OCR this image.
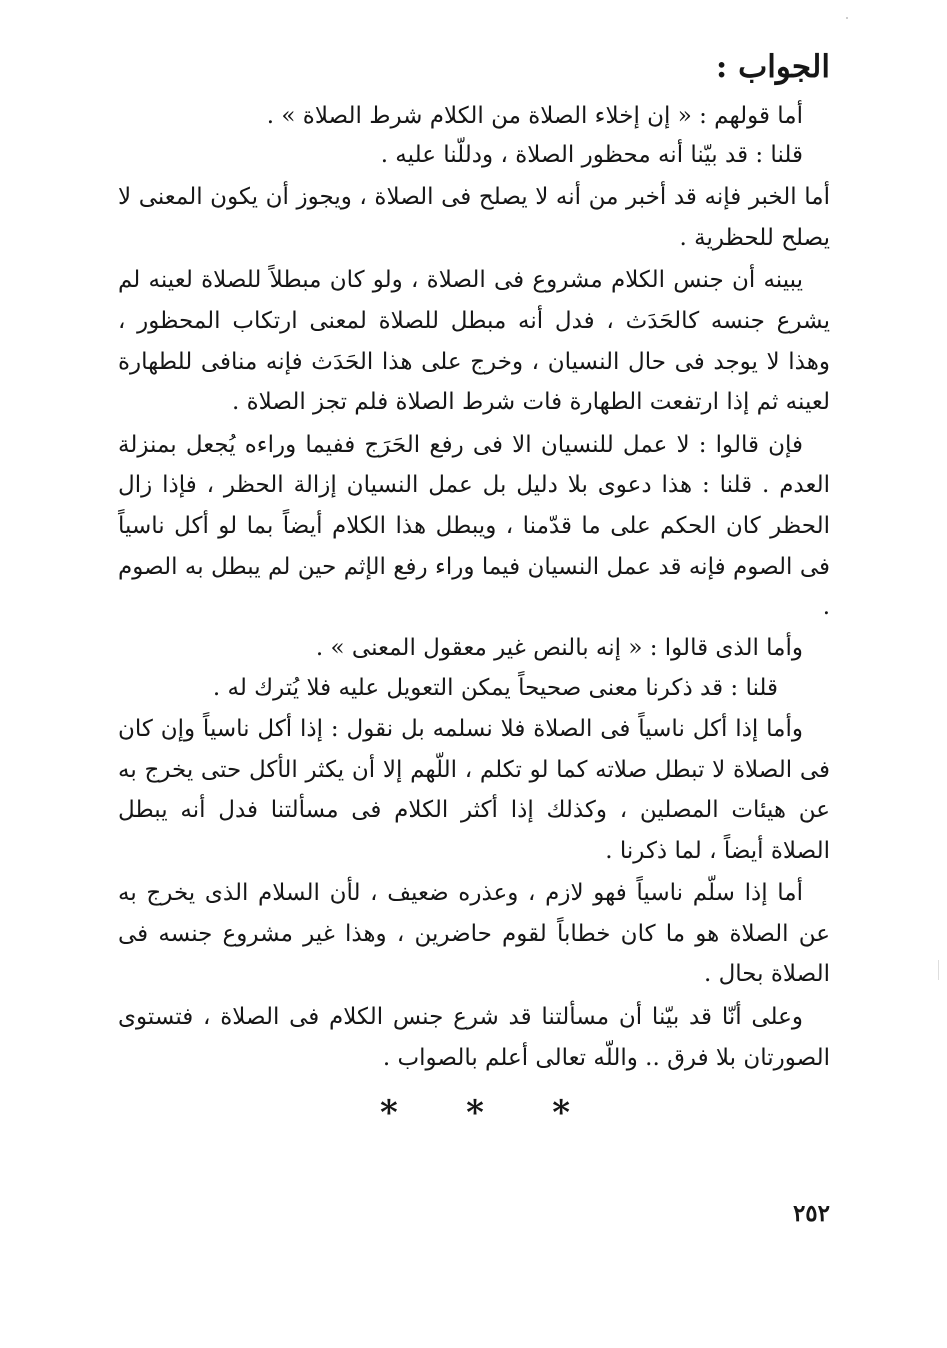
الجواب :

أما قولهم : « إن إخلاء الصلاة من الكلام شرط الصلاة » .

قلنا : قد بيّنا أنه محظور الصلاة ، ودللّنا عليه .

أما الخبر فإنه قد أخبر من أنه لا يصلح فى الصلاة ، ويجوز أن يكون المعنى لا يصلح للحظرية .

يبينه أن جنس الكلام مشروع فى الصلاة ، ولو كان مبطلاً للصلاة لعينه لم يشرع جنسه كالحَدَث ، فدل أنه مبطل للصلاة لمعنى ارتكاب المحظور ، وهذا لا يوجد فى حال النسيان ، وخرج على هذا الحَدَث فإنه منافى للطهارة لعينه ثم إذا ارتفعت الطهارة فات شرط الصلاة فلم تجز الصلاة .

فإن قالوا : لا عمل للنسيان الا فى رفع الحَرَج ففيما وراءه يُجعل بمنزلة العدم . قلنا : هذا دعوى بلا دليل بل عمل النسيان إزالة الحظر ، فإذا زال الحظر كان الحكم على ما قدّمنا ، ويبطل هذا الكلام أيضاً بما لو أكل ناسياً فى الصوم فإنه قد عمل النسيان فيما وراء رفع الإثم حين لم يبطل به الصوم .

وأما الذى قالوا : « إنه بالنص غير معقول المعنى » .

قلنا : قد ذكرنا معنى صحيحاً يمكن التعويل عليه فلا يُترك له .

وأما إذا أكل ناسياً فى الصلاة فلا نسلمه بل نقول : إذا أكل ناسياً وإن كان فى الصلاة لا تبطل صلاته كما لو تكلم ، اللّهم إلا أن يكثر الأكل حتى يخرج به عن هيئات المصلين ، وكذلك إذا أكثر الكلام فى مسألتنا فدل أنه يبطل الصلاة أيضاً ، لما ذكرنا .

أما إذا سلّم ناسياً فهو لازم ، وعذره ضعيف ، لأن السلام الذى يخرج به عن الصلاة هو ما كان خطاباً لقوم حاضرين ، وهذا غير مشروع جنسه فى الصلاة بحال .

وعلى أنّا قد بيّنا أن مسألتنا قد شرع جنس الكلام فى الصلاة ، فتستوى الصورتان بلا فرق .. واللّه تعالى أعلم بالصواب .

* * *
٢٥٢
